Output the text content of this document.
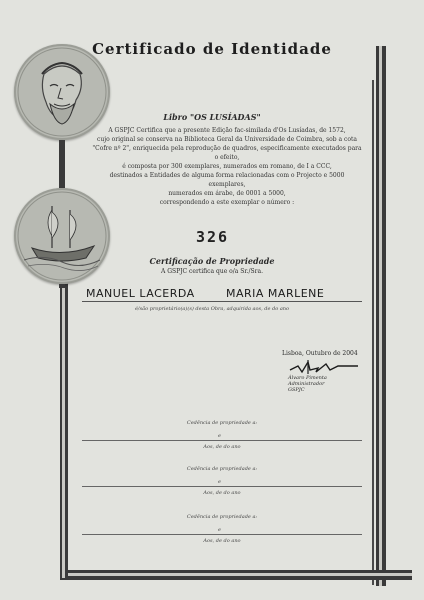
Certificado de Identidade
Libro "OS LUSÍADAS"
A GSPJC Certifica que a presente Edição fac-similada d'Os Lusíadas, de 1572,
cujo original se conserva na Biblioteca Geral da Universidade de Coimbra, sob a cota
"Cofre nº 2", enriquecida pela reprodução de quadros, especificamente executados para o efeito,
é composta por 300 exemplares, numerados em romano, de I a CCC,
destinados a Entidades de alguma forma relacionadas com o Projecto e 5000 exemplares,
numerados em árabe, de 0001 a 5000,
correspondendo a este exemplar o número :
326
Certificação de Propriedade
A GSPJC certifica que o/a Sr./Sra.
MANUEL LACERDA	MARIA MARLENE
é/são proprietário(a)(s) desta Obra, adquirida aos, de do ano
Lisboa, Outubro de 2004
Álvaro Pimenta
Administrador
GSPJC
Cedência de propriedade a:
e
Aos, de do ano
Cedência de propriedade a:
e
Aos, de do ano
Cedência de propriedade a:
e
Aos, de do ano
